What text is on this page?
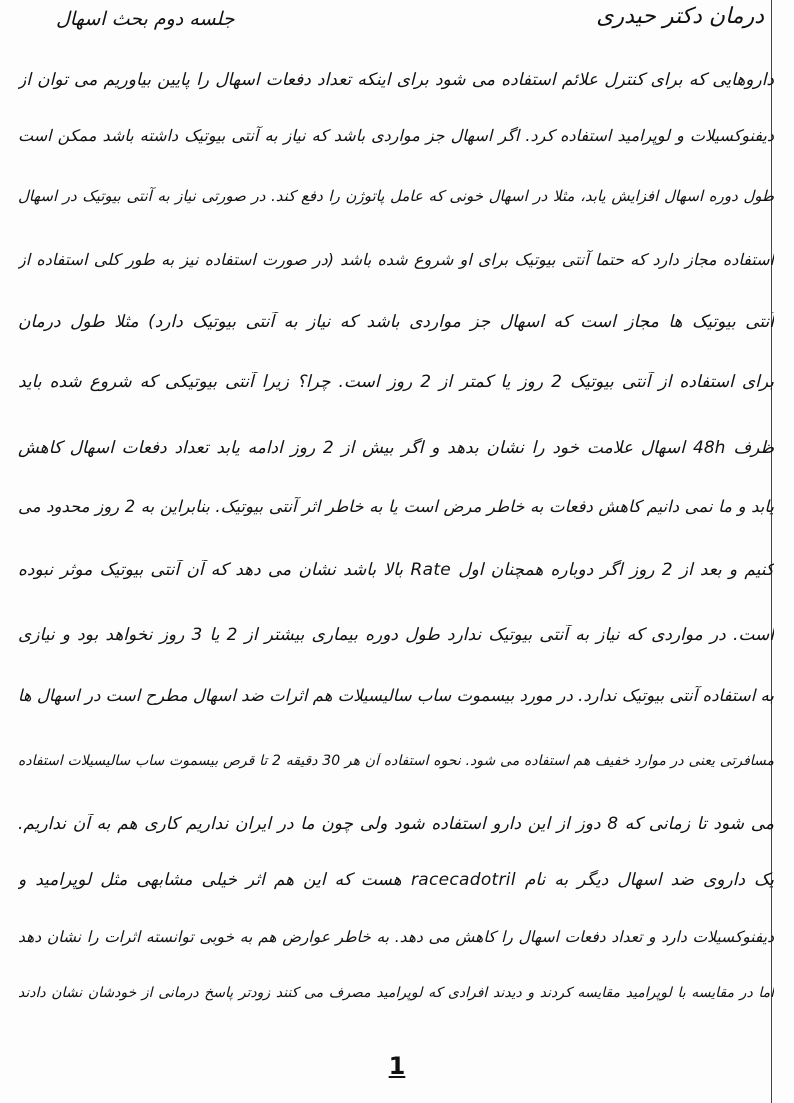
درمان دکتر حیدری
جلسه دوم بحث اسهال
داروهایی که برای کنترل علائم استفاده می شود برای اینکه تعداد دفعات اسهال را پایین بیاوریم می توان از
دیفنوکسیلات و لوپرامید استفاده کرد. اگر اسهال جز مواردی باشد که نیاز به آنتی بیوتیک داشته باشد ممکن است
طول دوره اسهال افزایش یابد، مثلا در اسهال خونی که عامل پاتوژن را دفع کند. در صورتی نیاز به آنتی بیوتیک در اسهال
استفاده مجاز دارد که حتما آنتی بیوتیک برای او شروع شده باشد (در صورت استفاده نیز به طور کلی استفاده از
آنتی بیوتیک ها مجاز است که اسهال جز مواردی باشد که نیاز به آنتی بیوتیک دارد) مثلا طول درمان
برای استفاده از آنتی بیوتیک 2 روز یا کمتر از 2 روز است. چرا؟ زیرا آنتی بیوتیکی که شروع شده باید
ظرف 48h اسهال علامت خود را نشان بدهد و اگر بیش از 2 روز ادامه یابد تعداد دفعات اسهال کاهش
یابد و ما نمی دانیم کاهش دفعات به خاطر مرض است یا به خاطر اثر آنتی بیوتیک. بنابراین به 2 روز محدود می
کنیم و بعد از 2 روز اگر دوباره همچنان اول Rate بالا باشد نشان می دهد که آن آنتی بیوتیک موثر نبوده
است. در مواردی که نیاز به آنتی بیوتیک ندارد طول دوره بیماری بیشتر از 2 یا 3 روز نخواهد بود و نیازی
به استفاده آنتی بیوتیک ندارد. در مورد بیسموت ساب سالیسیلات هم اثرات ضد اسهال مطرح است در اسهال ها
مسافرتی یعنی در موارد خفیف هم استفاده می شود. نحوه استفاده آن هر 30 دقیقه 2 تا قرص بیسموت ساب سالیسیلات استفاده
می شود تا زمانی که 8 دوز از این دارو استفاده شود ولی چون ما در ایران نداریم کاری هم به آن نداریم.
یک داروی ضد اسهال دیگر به نام racecadotril هست که این هم اثر خیلی مشابهی مثل لوپرامید و
دیفنوکسیلات دارد و تعداد دفعات اسهال را کاهش می دهد. به خاطر عوارض هم به خوبی توانسته اثرات را نشان دهد
اما در مقایسه با لوپرامید مقایسه کردند و دیدند افرادی که لوپرامید مصرف می کنند زودتر پاسخ درمانی از خودشان نشان دادند
1
